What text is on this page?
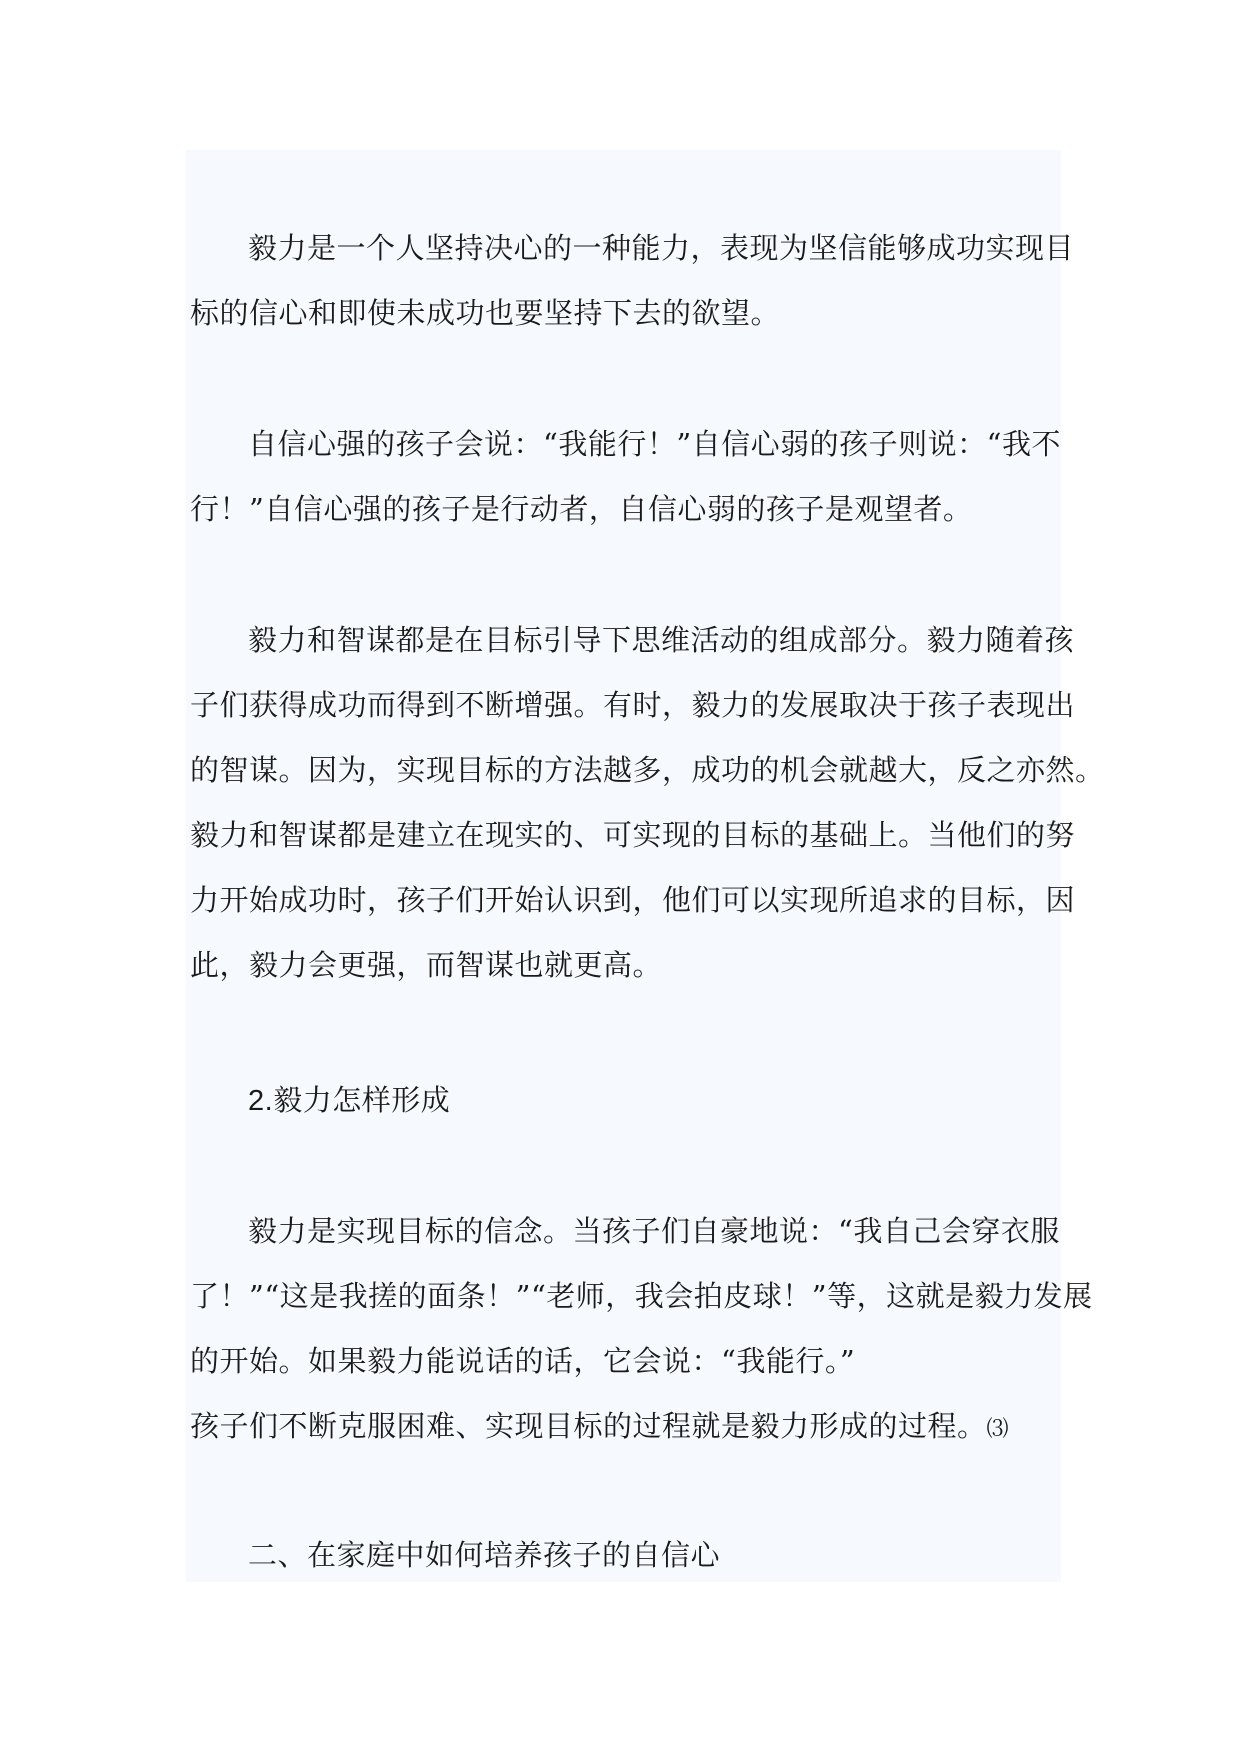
毅力是一个人坚持决心的一种能力，表现为坚信能够成功实现目
标的信心和即使未成功也要坚持下去的欲望。
自信心强的孩子会说：“我能行！”自信心弱的孩子则说：“我不
行！”自信心强的孩子是行动者，自信心弱的孩子是观望者。
毅力和智谋都是在目标引导下思维活动的组成部分。毅力随着孩
子们获得成功而得到不断增强。有时，毅力的发展取决于孩子表现出
的智谋。因为，实现目标的方法越多，成功的机会就越大，反之亦然。
毅力和智谋都是建立在现实的、可实现的目标的基础上。当他们的努
力开始成功时，孩子们开始认识到，他们可以实现所追求的目标，因
此，毅力会更强，而智谋也就更高。
2.毅力怎样形成
毅力是实现目标的信念。当孩子们自豪地说：“我自己会穿衣服
了！”“这是我搓的面条！”“老师，我会拍皮球！”等，这就是毅力发展
的开始。如果毅力能说话的话，它会说：“我能行。”
孩子们不断克服困难、实现目标的过程就是毅力形成的过程。⑶
二、在家庭中如何培养孩子的自信心
